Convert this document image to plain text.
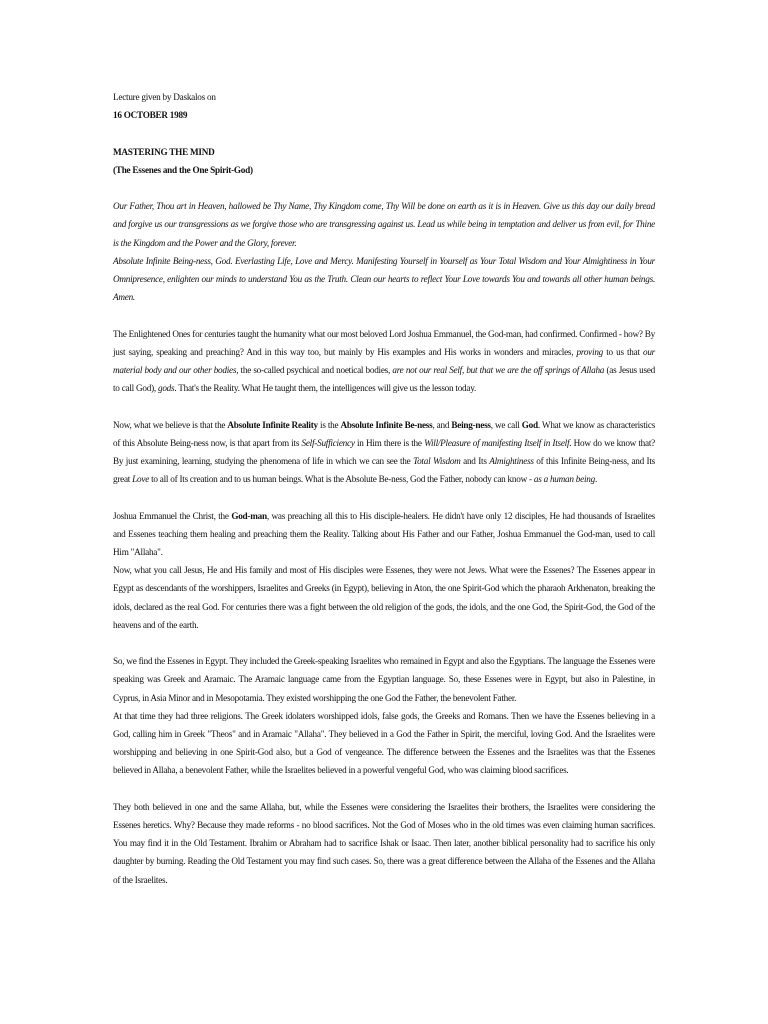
Lecture given by Daskalos on

16 OCTOBER 1989

MASTERING THE MIND

(The Essenes and the One Spirit-God)

Our Father, Thou art in Heaven, hallowed be Thy Name, Thy Kingdom come, Thy Will be done on earth as it is in Heaven. Give us this day our daily bread and forgive us our transgressions as we forgive those who are transgressing against us. Lead us while being in temptation and deliver us from evil, for Thine is the Kingdom and the Power and the Glory, forever.

Absolute Infinite Being-ness, God. Everlasting Life, Love and Mercy. Manifesting Yourself in Yourself as Your Total Wisdom and Your Almightiness in Your Omnipresence, enlighten our minds to understand You as the Truth. Clean our hearts to reflect Your Love towards You and towards all other human beings. Amen.

The Enlightened Ones for centuries taught the humanity what our most beloved Lord Joshua Emmanuel, the God-man, had confirmed. Confirmed - how? By just saying, speaking and preaching? And in this way too, but mainly by His examples and His works in wonders and miracles, proving to us that our material body and our other bodies, the so-called psychical and noetical bodies, are not our real Self, but that we are the off springs of Allaha (as Jesus used to call God), gods. That's the Reality. What He taught them, the intelligences will give us the lesson today.

Now, what we believe is that the Absolute Infinite Reality is the Absolute Infinite Be-ness, and Being-ness, we call God. What we know as characteristics of this Absolute Being-ness now, is that apart from its Self-Sufficiency in Him there is the Will/Pleasure of manifesting Itself in Itself. How do we know that? By just examining, learning, studying the phenomena of life in which we can see the Total Wisdom and Its Almightiness of this Infinite Being-ness, and Its great Love to all of Its creation and to us human beings. What is the Absolute Be-ness, God the Father, nobody can know - as a human being.

Joshua Emmanuel the Christ, the God-man, was preaching all this to His disciple-healers. He didn't have only 12 disciples, He had thousands of Israelites and Essenes teaching them healing and preaching them the Reality. Talking about His Father and our Father, Joshua Emmanuel the God-man, used to call Him "Allaha".

Now, what you call Jesus, He and His family and most of His disciples were Essenes, they were not Jews. What were the Essenes? The Essenes appear in Egypt as descendants of the worshippers, Israelites and Greeks (in Egypt), believing in Aton, the one Spirit-God which the pharaoh Arkhenaton, breaking the idols, declared as the real God. For centuries there was a fight between the old religion of the gods, the idols, and the one God, the Spirit-God, the God of the heavens and of the earth.

So, we find the Essenes in Egypt. They included the Greek-speaking Israelites who remained in Egypt and also the Egyptians. The language the Essenes were speaking was Greek and Aramaic. The Aramaic language came from the Egyptian language. So, these Essenes were in Egypt, but also in Palestine, in Cyprus, in Asia Minor and in Mesopotamia. They existed worshipping the one God the Father, the benevolent Father.

At that time they had three religions. The Greek idolaters worshipped idols, false gods, the Greeks and Romans. Then we have the Essenes believing in a God, calling him in Greek "Theos" and in Aramaic "Allaha". They believed in a God the Father in Spirit, the merciful, loving God. And the Israelites were worshipping and believing in one Spirit-God also, but a God of vengeance. The difference between the Essenes and the Israelites was that the Essenes believed in Allaha, a benevolent Father, while the Israelites believed in a powerful vengeful God, who was claiming blood sacrifices.

They both believed in one and the same Allaha, but, while the Essenes were considering the Israelites their brothers, the Israelites were considering the Essenes heretics. Why? Because they made reforms - no blood sacrifices. Not the God of Moses who in the old times was even claiming human sacrifices. You may find it in the Old Testament. Ibrahim or Abraham had to sacrifice Ishak or Isaac. Then later, another biblical personality had to sacrifice his only daughter by burning. Reading the Old Testament you may find such cases. So, there was a great difference between the Allaha of the Essenes and the Allaha of the Israelites.
